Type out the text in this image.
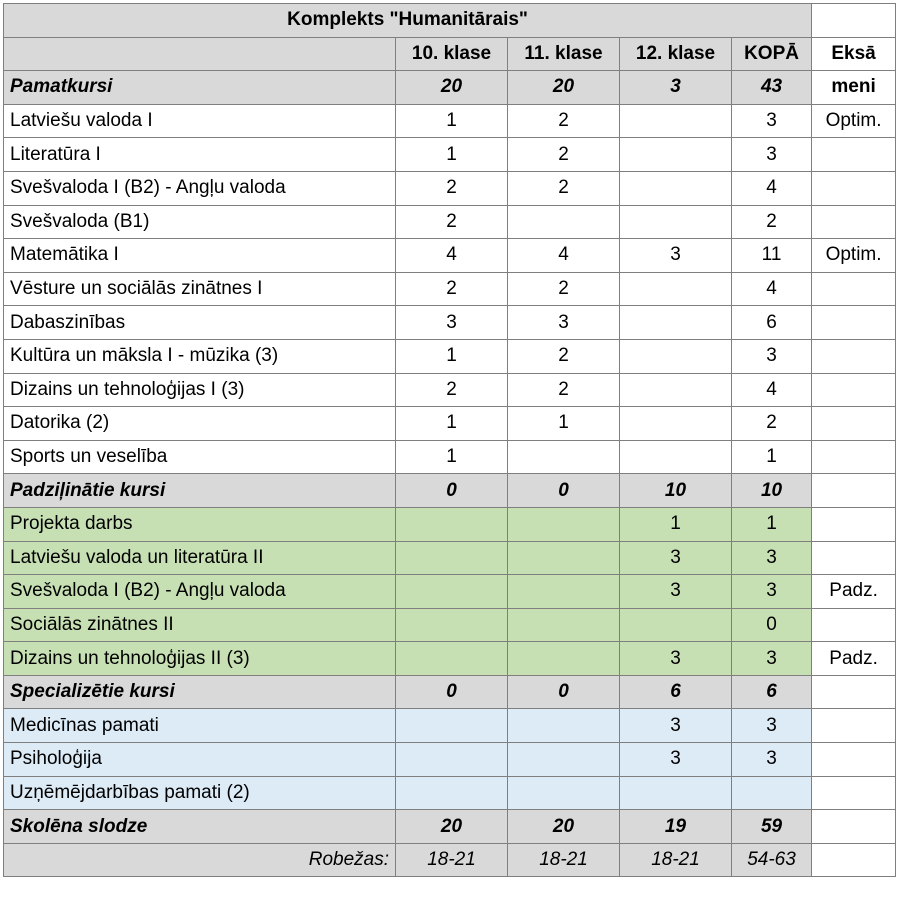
Komplekts "Humanitārais"					
	10. klase	11. klase	12. klase	KOPĀ	Eksā
Pamatkursi	20	20	3	43	meni
Latviešu valoda I	1	2		3	Optim.
Literatūra I	1	2		3	
Svešvaloda I (B2) - Angļu valoda	2	2		4	
Svešvaloda (B1)	2			2	
Matemātika I	4	4	3	11	Optim.
Vēsture un sociālās zinātnes I	2	2		4	
Dabaszinības	3	3		6	
Kultūra un māksla I - mūzika (3)	1	2		3	
Dizains un tehnoloģijas I (3)	2	2		4	
Datorika (2)	1	1		2	
Sports un veselība	1			1	
Padziļinātie kursi	0	0	10	10	
Projekta darbs			1	1	
Latviešu valoda un literatūra II			3	3	
Svešvaloda I (B2) - Angļu valoda			3	3	Padz.
Sociālās zinātnes II				0	
Dizains un tehnoloģijas II (3)			3	3	Padz.
Specializētie kursi	0	0	6	6	
Medicīnas pamati			3	3	
Psiholoģija			3	3	
Uzņēmējdarbības pamati (2)					
Skolēna slodze	20	20	19	59	
Robežas:	18-21	18-21	18-21	54-63	
